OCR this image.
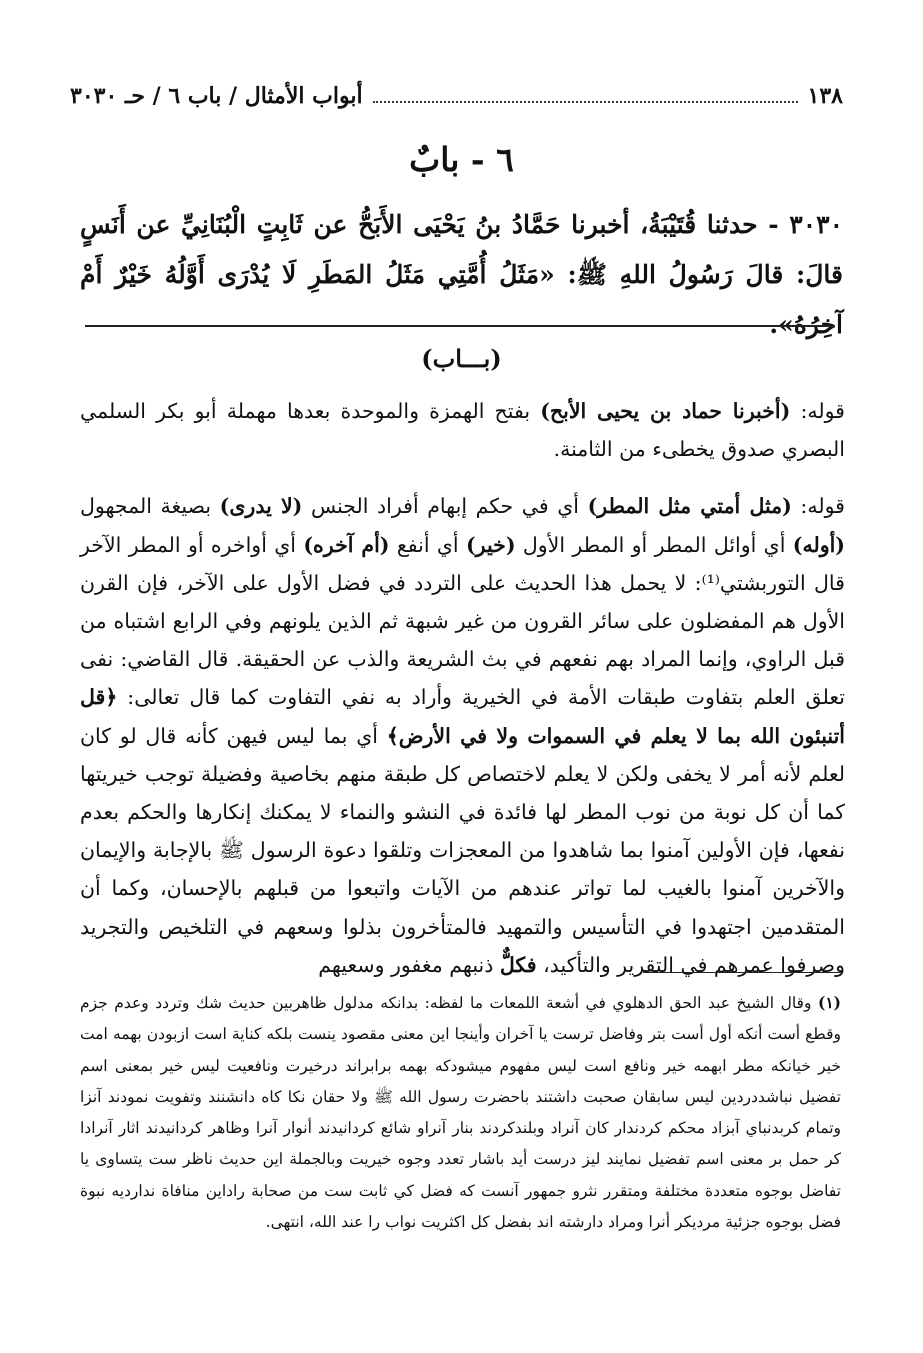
١٣٨
أبواب الأمثال / باب ٦ / حـ ٣٠٣٠
٦ - بابٌ
٣٠٣٠ - حدثنا قُتَيْبَةُ، أخبرنا حَمَّادُ بنُ يَحْيَى الأَبَحُّ عن ثَابِتٍ الْبُنَانِيِّ عن أَنَسٍ قالَ: قالَ رَسُولُ اللهِ ﷺ: «مَثَلُ أُمَّتِي مَثَلُ المَطَرِ لَا يُدْرَى أَوَّلُهُ خَيْرٌ أَمْ آخِرُهُ».
(بـــاب)

قوله: (أخبرنا حماد بن يحيى الأبح) بفتح الهمزة والموحدة بعدها مهملة أبو بكر السلمي البصري صدوق يخطىء من الثامنة.

قوله: (مثل أمتي مثل المطر) أي في حكم إبهام أفراد الجنس (لا يدرى) بصيغة المجهول (أوله) أي أوائل المطر أو المطر الأول (خير) أي أنفع (أم آخره) أي أواخره أو المطر الآخر قال التوربشتي⁽¹⁾: لا يحمل هذا الحديث على التردد في فضل الأول على الآخر، فإن القرن الأول هم المفضلون على سائر القرون من غير شبهة ثم الذين يلونهم وفي الرابع اشتباه من قبل الراوي، وإنما المراد بهم نفعهم في بث الشريعة والذب عن الحقيقة. قال القاضي: نفى تعلق العلم بتفاوت طبقات الأمة في الخيرية وأراد به نفي التفاوت كما قال تعالى: ﴿قل أتنبئون الله بما لا يعلم في السموات ولا في الأرض﴾ أي بما ليس فيهن كأنه قال لو كان لعلم لأنه أمر لا يخفى ولكن لا يعلم لاختصاص كل طبقة منهم بخاصية وفضيلة توجب خيريتها كما أن كل نوبة من نوب المطر لها فائدة في النشو والنماء لا يمكنك إنكارها والحكم بعدم نفعها، فإن الأولين آمنوا بما شاهدوا من المعجزات وتلقوا دعوة الرسول ﷺ بالإجابة والإيمان والآخرين آمنوا بالغيب لما تواتر عندهم من الآيات واتبعوا من قبلهم بالإحسان، وكما أن المتقدمين اجتهدوا في التأسيس والتمهيد فالمتأخرون بذلوا وسعهم في التلخيص والتجريد وصرفوا عمرهم في التقرير والتأكيد، فكلٌّ ذنبهم مغفور وسعيهم

(١) وقال الشيخ عبد الحق الدهلوي في أشعة اللمعات ما لفظه: بدانكه مدلول ظاهربين حديث شك وتردد وعدم جزم وقطع أست أنكه أول أست بتر وفاضل ترست يا آخران وأينجا اين معنى مقصود ينست بلكه كناية است ازبودن بهمه امت خير خيانكه مطر ابهمه خير ونافع است ليس مفهوم ميشودكه بهمه برابراند درخيرت ونافعيت ليس خير بمعنى اسم تفضيل نباشددردين ليس سابقان صحبت داشتند باحضرت رسول الله ﷺ ولا حقان نكا كاه دانشنند وتفويت نمودند آنزا وتمام كربدنباي آبزاد محكم كردندار كان آنراد وبلندكردند بنار آنراو شائع كردانيدند أنوار آنرا وظاهر كردانيدند اثار آنرادا كر حمل بر معنى اسم تفضيل نمايند ليز درست أيد باشار تعدد وجوه خيريت وبالجملة اين حديث ناظر ست يتساوى يا تفاضل بوجوه متعددة مختلفة ومتقرر نثرو جمهور آنست كه فضل كي ثابت ست من صحابة راداين منافاة ندارديه نبوة فضل بوجوه جزئية مرديكر أنرا ومراد دارشته اند بفضل كل اكثريت نواب را عند الله، انتهى.
